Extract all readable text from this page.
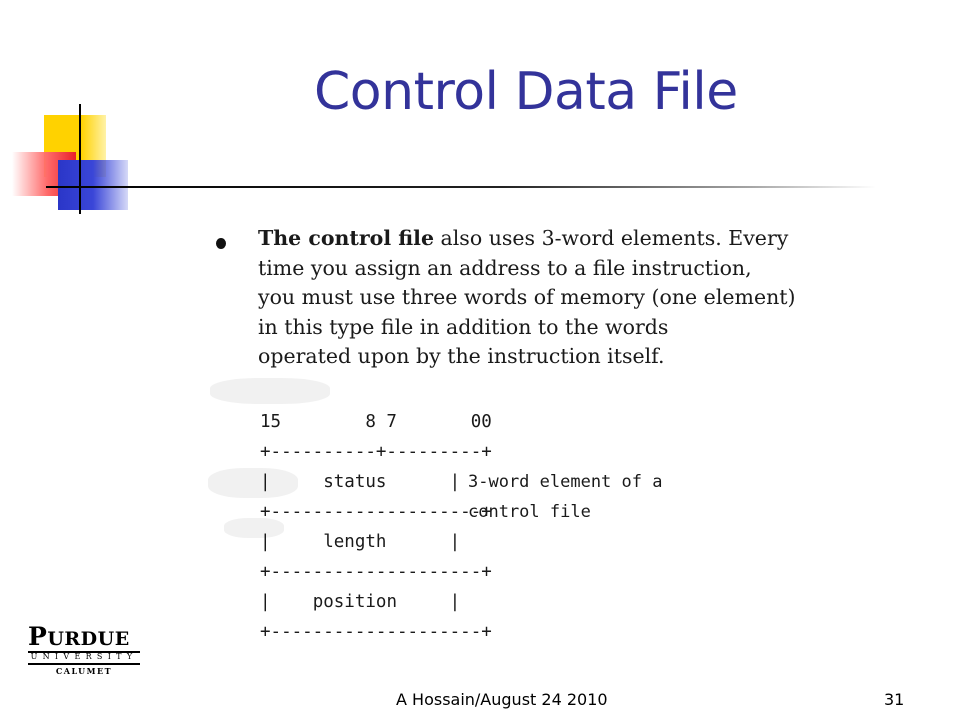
Control Data File

The control file also uses 3-word elements. Every

time you assign an address to a file instruction,

you must use three words of memory (one element)

in this type file in addition to the words

operated upon by the instruction itself.

15        8 7       00
+----------+---------+
|     status      | 3-word element of a
+--------------------+
control file
|     length      |
+--------------------+
|    position     |
+--------------------+
PURDUE
UNIVERSITY
CALUMET
A Hossain/August 24 2010	31
